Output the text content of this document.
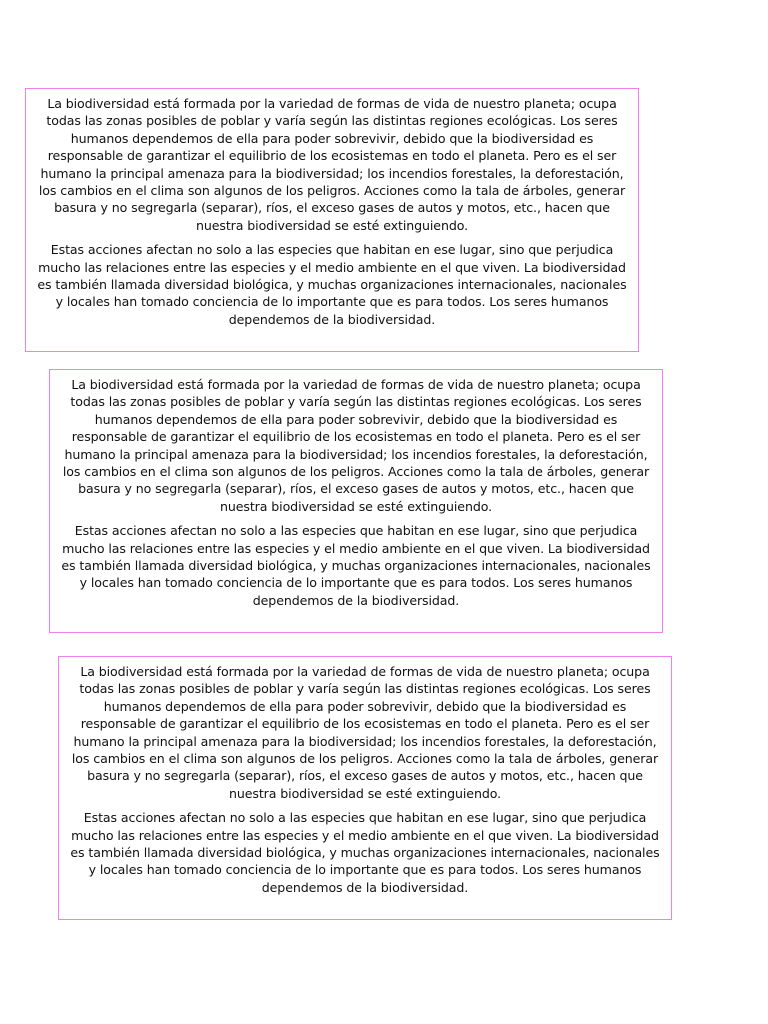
La biodiversidad está formada por la variedad de formas de vida de nuestro planeta; ocupa todas las zonas posibles de poblar y varía según las distintas regiones ecológicas. Los seres humanos dependemos de ella para poder sobrevivir, debido que la biodiversidad es responsable de garantizar el equilibrio de los ecosistemas en todo el planeta. Pero es el ser humano la principal amenaza para la biodiversidad; los incendios forestales, la deforestación, los cambios en el clima son algunos de los peligros. Acciones como la tala de árboles, generar basura y no segregarla (separar), ríos, el exceso gases de autos y motos, etc., hacen que nuestra biodiversidad se esté extinguiendo.

Estas acciones afectan no solo a las especies que habitan en ese lugar, sino que perjudica mucho las relaciones entre las especies y el medio ambiente en el que viven. La biodiversidad es también llamada diversidad biológica, y muchas organizaciones internacionales, nacionales y locales han tomado conciencia de lo importante que es para todos. Los seres humanos dependemos de la biodiversidad.

La biodiversidad está formada por la variedad de formas de vida de nuestro planeta; ocupa todas las zonas posibles de poblar y varía según las distintas regiones ecológicas. Los seres humanos dependemos de ella para poder sobrevivir, debido que la biodiversidad es responsable de garantizar el equilibrio de los ecosistemas en todo el planeta. Pero es el ser humano la principal amenaza para la biodiversidad; los incendios forestales, la deforestación, los cambios en el clima son algunos de los peligros. Acciones como la tala de árboles, generar basura y no segregarla (separar), ríos, el exceso gases de autos y motos, etc., hacen que nuestra biodiversidad se esté extinguiendo.

Estas acciones afectan no solo a las especies que habitan en ese lugar, sino que perjudica mucho las relaciones entre las especies y el medio ambiente en el que viven. La biodiversidad es también llamada diversidad biológica, y muchas organizaciones internacionales, nacionales y locales han tomado conciencia de lo importante que es para todos. Los seres humanos dependemos de la biodiversidad.

La biodiversidad está formada por la variedad de formas de vida de nuestro planeta; ocupa todas las zonas posibles de poblar y varía según las distintas regiones ecológicas. Los seres humanos dependemos de ella para poder sobrevivir, debido que la biodiversidad es responsable de garantizar el equilibrio de los ecosistemas en todo el planeta. Pero es el ser humano la principal amenaza para la biodiversidad; los incendios forestales, la deforestación, los cambios en el clima son algunos de los peligros. Acciones como la tala de árboles, generar basura y no segregarla (separar), ríos, el exceso gases de autos y motos, etc., hacen que nuestra biodiversidad se esté extinguiendo.

Estas acciones afectan no solo a las especies que habitan en ese lugar, sino que perjudica mucho las relaciones entre las especies y el medio ambiente en el que viven. La biodiversidad es también llamada diversidad biológica, y muchas organizaciones internacionales, nacionales y locales han tomado conciencia de lo importante que es para todos. Los seres humanos dependemos de la biodiversidad.
